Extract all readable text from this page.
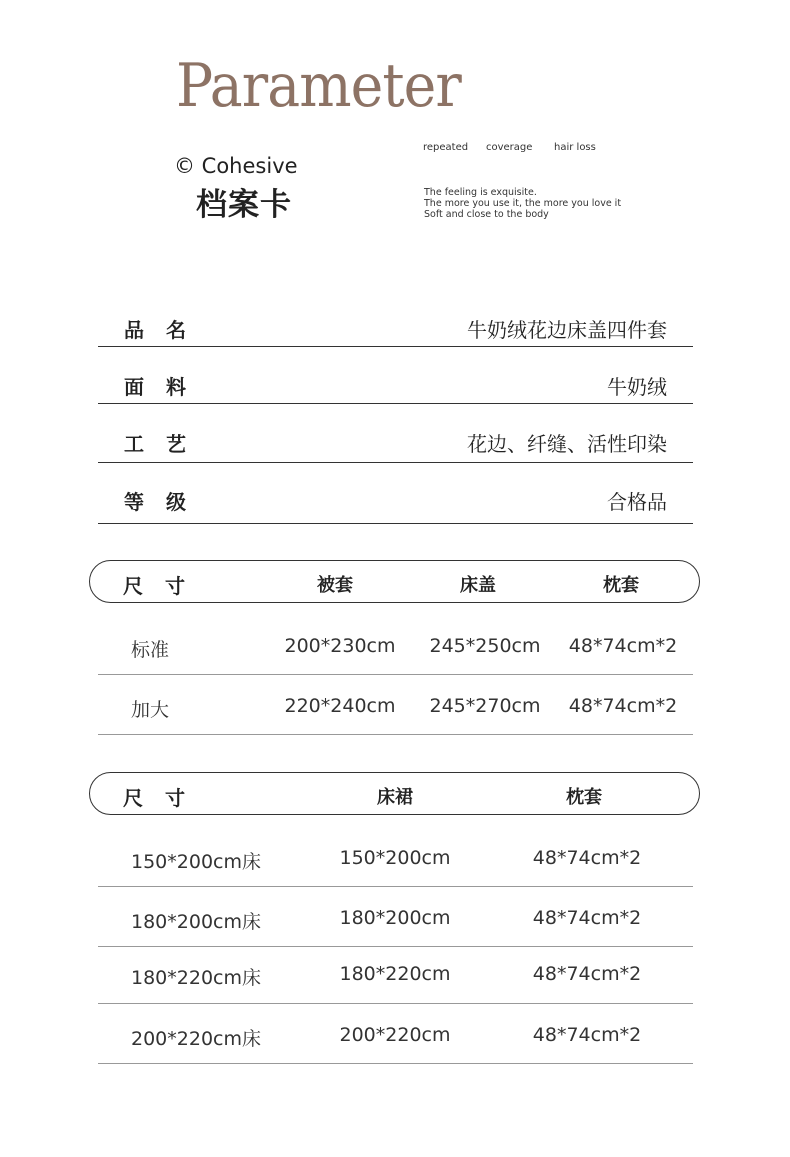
Parameter
© Cohesive
档案卡
repeated coverage hair loss
The feeling is exquisite.
The more you use it, the more you love it
Soft and close to the body
品名	牛奶绒花边床盖四件套
面料	牛奶绒
工艺	花边、纤缝、活性印染
等级	合格品
尺寸	被套	床盖	枕套
标准	200*230cm 245*250cm 48*74cm*2
加大	220*240cm 245*270cm 48*74cm*2
尺寸	床裙	枕套
150*200cm床	150*200cm	48*74cm*2
180*200cm床	180*200cm	48*74cm*2
180*220cm床	180*220cm	48*74cm*2
200*220cm床	200*220cm	48*74cm*2
